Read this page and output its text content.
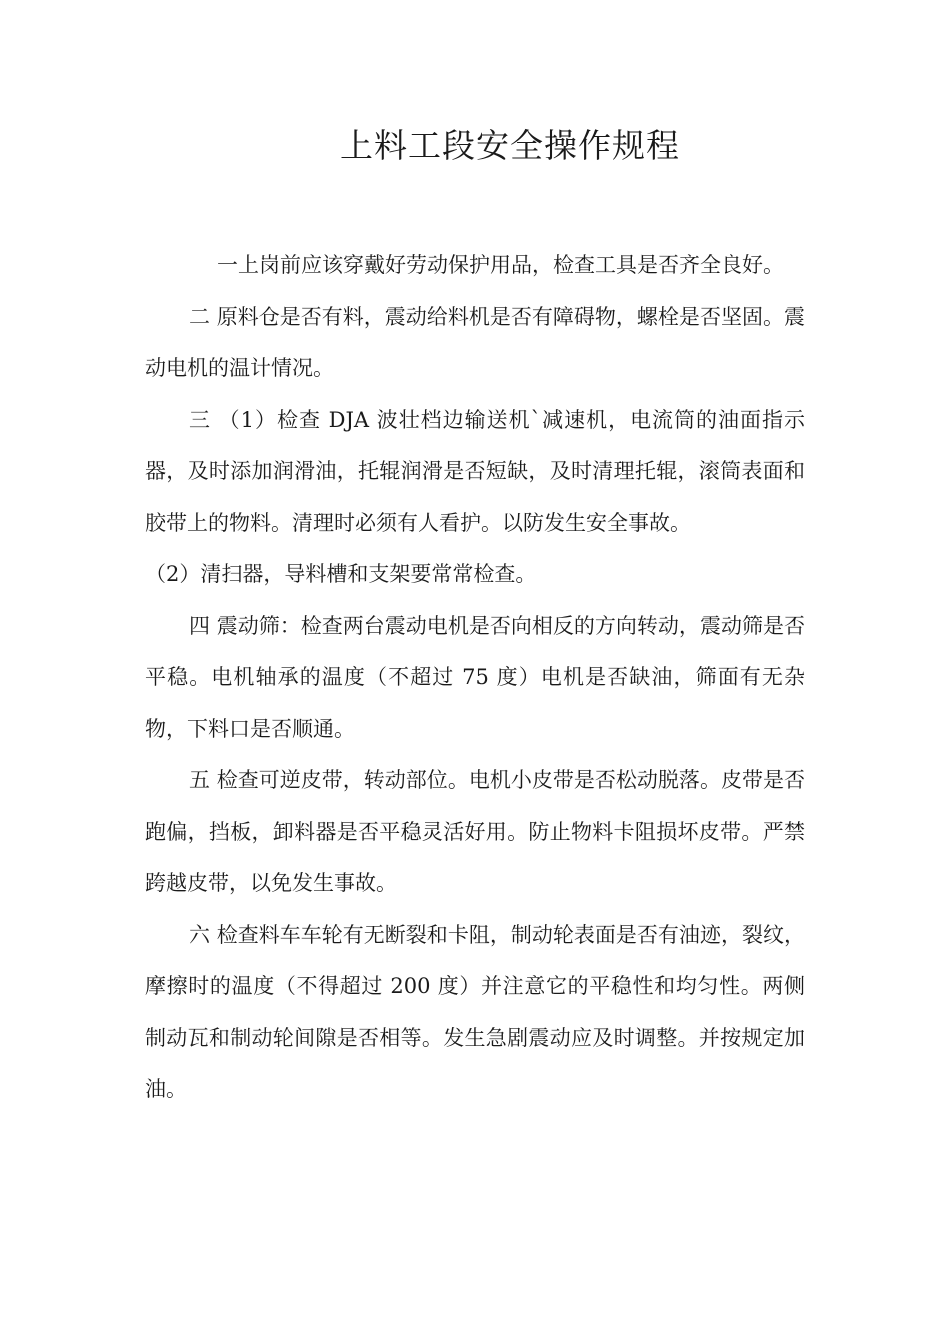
上料工段安全操作规程

一上岗前应该穿戴好劳动保护用品，检查工具是否齐全良好。

二 原料仓是否有料，震动给料机是否有障碍物，螺栓是否坚固。震动电机的温计情况。

三 （1）检查 DJA 波壮档边输送机`减速机，电流筒的油面指示器，及时添加润滑油，托辊润滑是否短缺，及时清理托辊，滚筒表面和胶带上的物料。清理时必须有人看护。以防发生安全事故。

（2）清扫器，导料槽和支架要常常检查。

四 震动筛：检查两台震动电机是否向相反的方向转动，震动筛是否平稳。电机轴承的温度（不超过 75 度）电机是否缺油，筛面有无杂物，下料口是否顺通。

五 检查可逆皮带，转动部位。电机小皮带是否松动脱落。皮带是否跑偏，挡板，卸料器是否平稳灵活好用。防止物料卡阻损坏皮带。严禁跨越皮带，以免发生事故。

六 检查料车车轮有无断裂和卡阻，制动轮表面是否有油迹，裂纹，摩擦时的温度（不得超过 200 度）并注意它的平稳性和均匀性。两侧制动瓦和制动轮间隙是否相等。发生急剧震动应及时调整。并按规定加油。
